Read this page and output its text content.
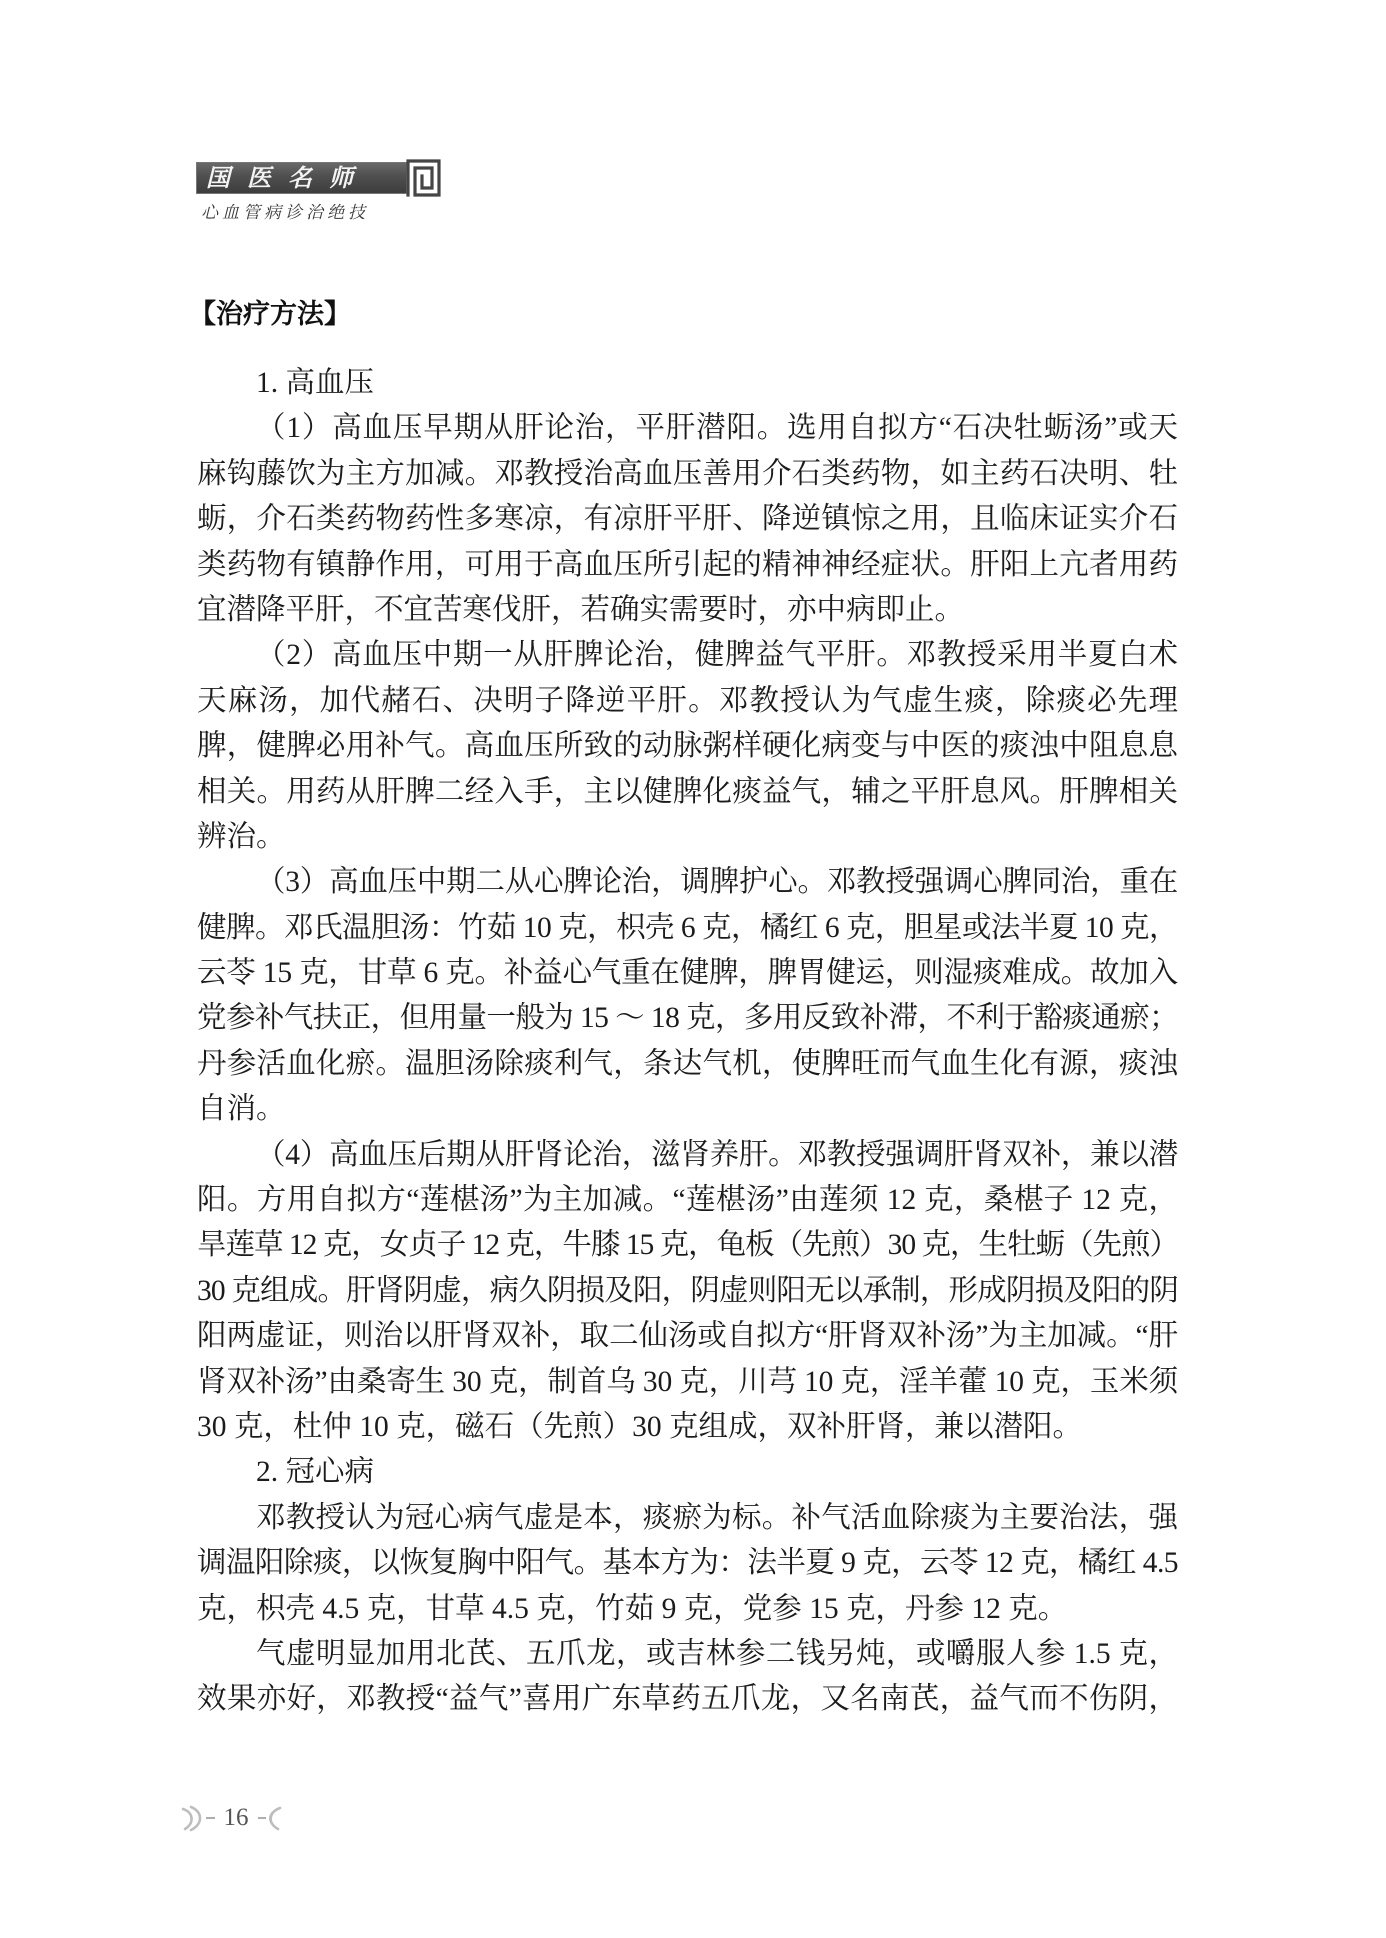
国医名师
心血管病诊治绝技
【治疗方法】
1. 高血压
（1）高血压早期从肝论治，平肝潜阳。选用自拟方“石决牡蛎汤”或天
麻钩藤饮为主方加减。邓教授治高血压善用介石类药物，如主药石决明、牡
蛎，介石类药物药性多寒凉，有凉肝平肝、降逆镇惊之用，且临床证实介石
类药物有镇静作用，可用于高血压所引起的精神神经症状。肝阳上亢者用药
宜潜降平肝，不宜苦寒伐肝，若确实需要时，亦中病即止。
（2）高血压中期一从肝脾论治，健脾益气平肝。邓教授采用半夏白术
天麻汤，加代赭石、决明子降逆平肝。邓教授认为气虚生痰，除痰必先理
脾，健脾必用补气。高血压所致的动脉粥样硬化病变与中医的痰浊中阻息息
相关。用药从肝脾二经入手，主以健脾化痰益气，辅之平肝息风。肝脾相关
辨治。
（3）高血压中期二从心脾论治，调脾护心。邓教授强调心脾同治，重在
健脾。邓氏温胆汤：竹茹 10 克，枳壳 6 克，橘红 6 克，胆星或法半夏 10 克，
云苓 15 克，甘草 6 克。补益心气重在健脾，脾胃健运，则湿痰难成。故加入
党参补气扶正，但用量一般为 15 ～ 18 克，多用反致补滞，不利于豁痰通瘀；
丹参活血化瘀。温胆汤除痰利气，条达气机，使脾旺而气血生化有源，痰浊
自消。
（4）高血压后期从肝肾论治，滋肾养肝。邓教授强调肝肾双补，兼以潜
阳。方用自拟方“莲椹汤”为主加减。“莲椹汤”由莲须 12 克，桑椹子 12 克，
旱莲草 12 克，女贞子 12 克，牛膝 15 克，龟板（先煎）30 克，生牡蛎（先煎）
30 克组成。肝肾阴虚，病久阴损及阳，阴虚则阳无以承制，形成阴损及阳的阴
阳两虚证，则治以肝肾双补，取二仙汤或自拟方“肝肾双补汤”为主加减。“肝
肾双补汤”由桑寄生 30 克，制首乌 30 克，川芎 10 克，淫羊藿 10 克，玉米须
30 克，杜仲 10 克，磁石（先煎）30 克组成，双补肝肾，兼以潜阳。
2. 冠心病
邓教授认为冠心病气虚是本，痰瘀为标。补气活血除痰为主要治法，强
调温阳除痰，以恢复胸中阳气。基本方为：法半夏 9 克，云苓 12 克，橘红 4.5
克，枳壳 4.5 克，甘草 4.5 克，竹茹 9 克，党参 15 克，丹参 12 克。
气虚明显加用北芪、五爪龙，或吉林参二钱另炖，或嚼服人参 1.5 克，
效果亦好，邓教授“益气”喜用广东草药五爪龙，又名南芪，益气而不伤阴，
16
